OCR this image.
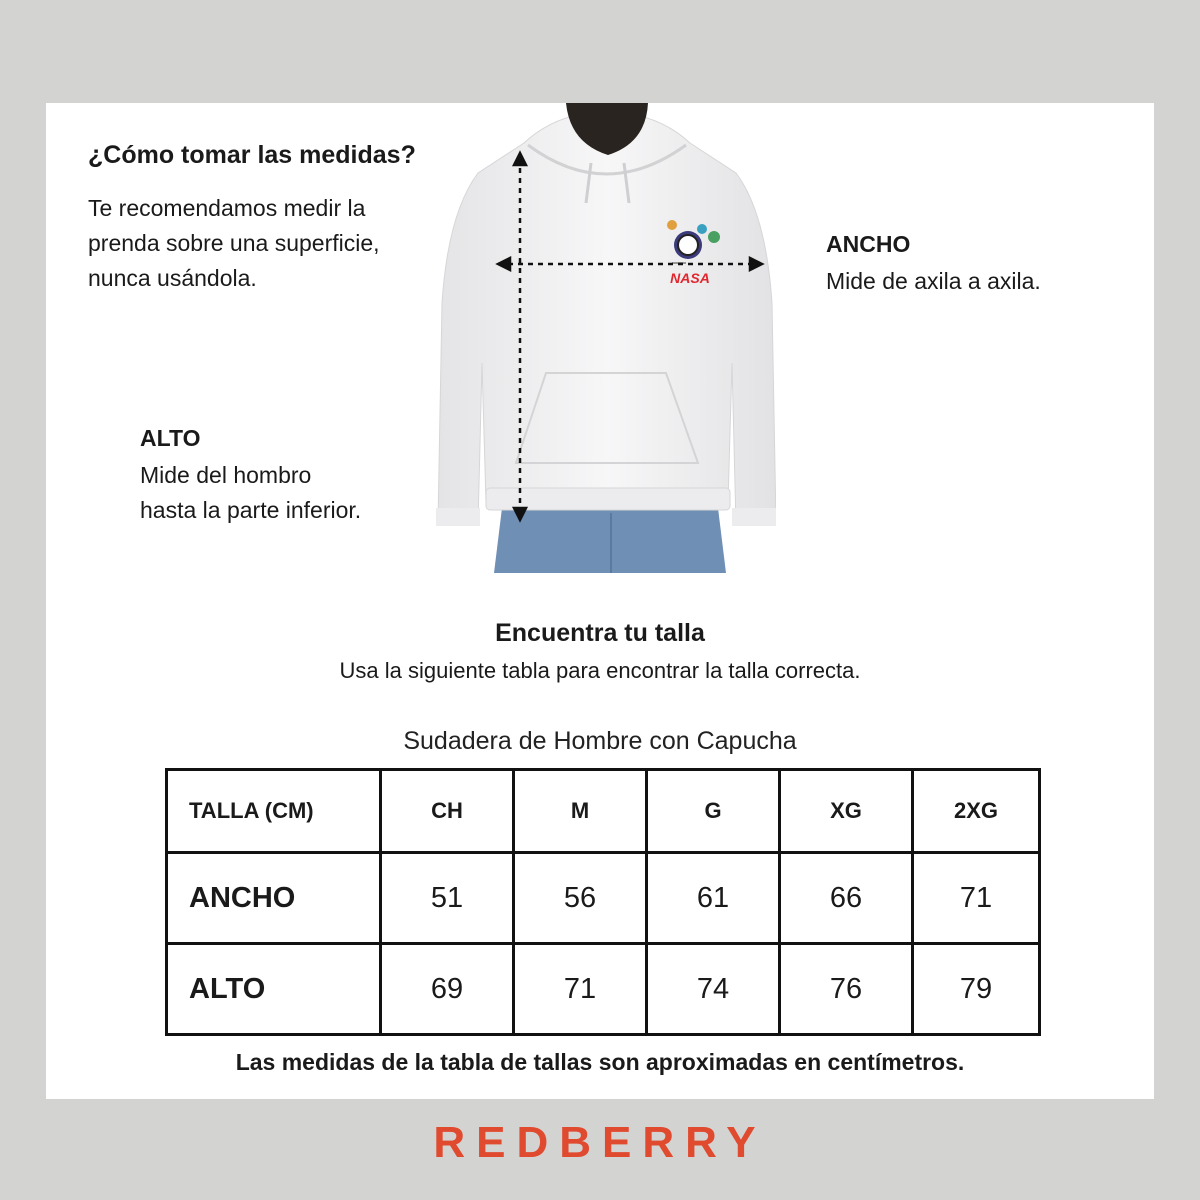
¿Cómo tomar las medidas?
Te recomendamos medir la
prenda sobre una superficie,
nunca usándola.	NASA
ANCHO
Mide de axila a axila.
ALTO
Mide del hombro
hasta la parte inferior.
Encuentra tu talla
Usa la siguiente tabla para encontrar la talla correcta.
Sudadera de Hombre con Capucha
TALLA (CM)	CH	M	G	XG	2XG
ANCHO	51	56	61	66	71
ALTO	69	71	74	76	79
Las medidas de la tabla de tallas son aproximadas en centímetros.
REDBERRY
